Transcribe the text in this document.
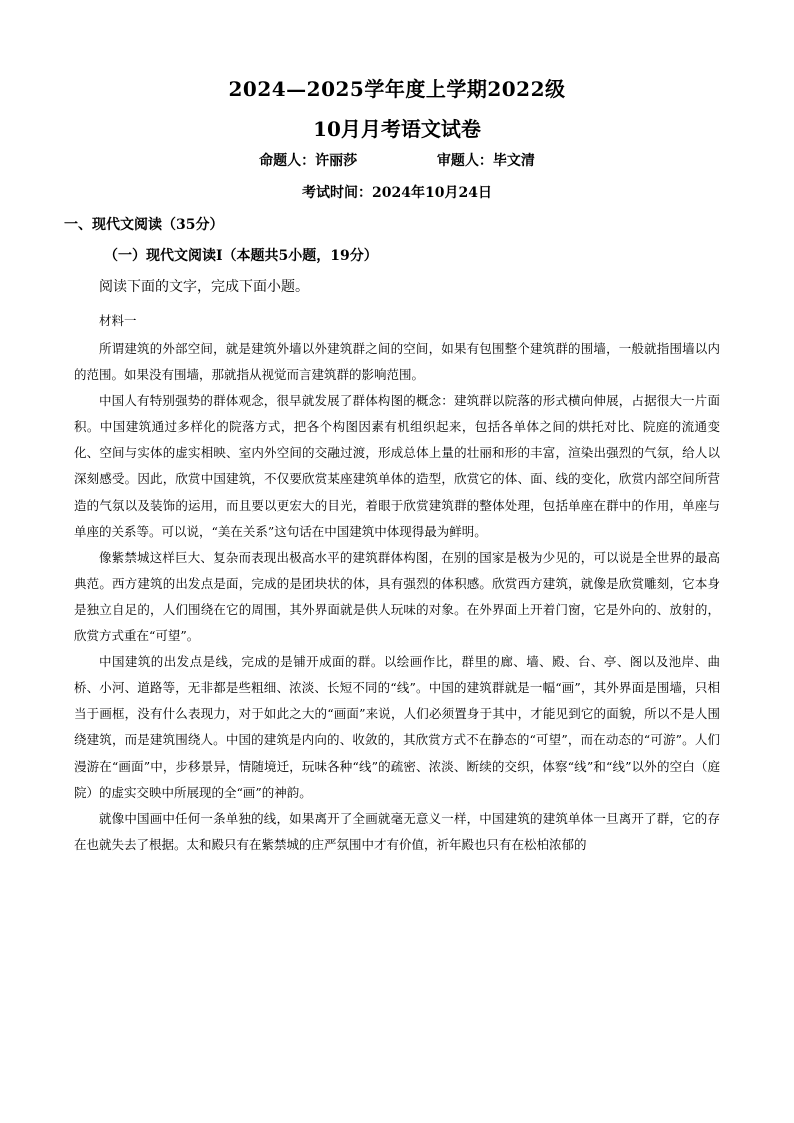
2024—2025学年度上学期2022级
10月月考语文试卷
命题人：许丽莎	审题人：毕文清
考试时间：2024年10月24日
一、现代文阅读（35分）
（一）现代文阅读Ⅰ（本题共5小题，19分）
阅读下面的文字，完成下面小题。
材料一

所谓建筑的外部空间，就是建筑外墙以外建筑群之间的空间，如果有包围整个建筑群的围墙，一般就指围墙以内的范围。如果没有围墙，那就指从视觉而言建筑群的影响范围。

中国人有特别强势的群体观念，很早就发展了群体构图的概念：建筑群以院落的形式横向伸展，占据很大一片面积。中国建筑通过多样化的院落方式，把各个构图因素有机组织起来，包括各单体之间的烘托对比、院庭的流通变化、空间与实体的虚实相映、室内外空间的交融过渡，形成总体上量的壮丽和形的丰富，渲染出强烈的气氛，给人以深刻感受。因此，欣赏中国建筑，不仅要欣赏某座建筑单体的造型，欣赏它的体、面、线的变化，欣赏内部空间所营造的气氛以及装饰的运用，而且要以更宏大的目光，着眼于欣赏建筑群的整体处理，包括单座在群中的作用，单座与单座的关系等。可以说，“美在关系”这句话在中国建筑中体现得最为鲜明。

像紫禁城这样巨大、复杂而表现出极高水平的建筑群体构图，在别的国家是极为少见的，可以说是全世界的最高典范。西方建筑的出发点是面，完成的是团块状的体，具有强烈的体积感。欣赏西方建筑，就像是欣赏雕刻，它本身是独立自足的，人们围绕在它的周围，其外界面就是供人玩味的对象。在外界面上开着门窗，它是外向的、放射的，欣赏方式重在“可望”。

中国建筑的出发点是线，完成的是铺开成面的群。以绘画作比，群里的廊、墙、殿、台、亭、阁以及池岸、曲桥、小河、道路等，无非都是些粗细、浓淡、长短不同的“线”。中国的建筑群就是一幅“画”，其外界面是围墙，只相当于画框，没有什么表现力，对于如此之大的“画面”来说，人们必须置身于其中，才能见到它的面貌，所以不是人围绕建筑，而是建筑围绕人。中国的建筑是内向的、收敛的，其欣赏方式不在静态的“可望”，而在动态的“可游”。人们漫游在“画面”中，步移景异，情随境迁，玩味各种“线”的疏密、浓淡、断续的交织，体察“线”和“线”以外的空白（庭院）的虚实交映中所展现的全“画”的神韵。

就像中国画中任何一条单独的线，如果离开了全画就毫无意义一样，中国建筑的建筑单体一旦离开了群，它的存在也就失去了根据。太和殿只有在紫禁城的庄严氛围中才有价值，祈年殿也只有在松柏浓郁的
